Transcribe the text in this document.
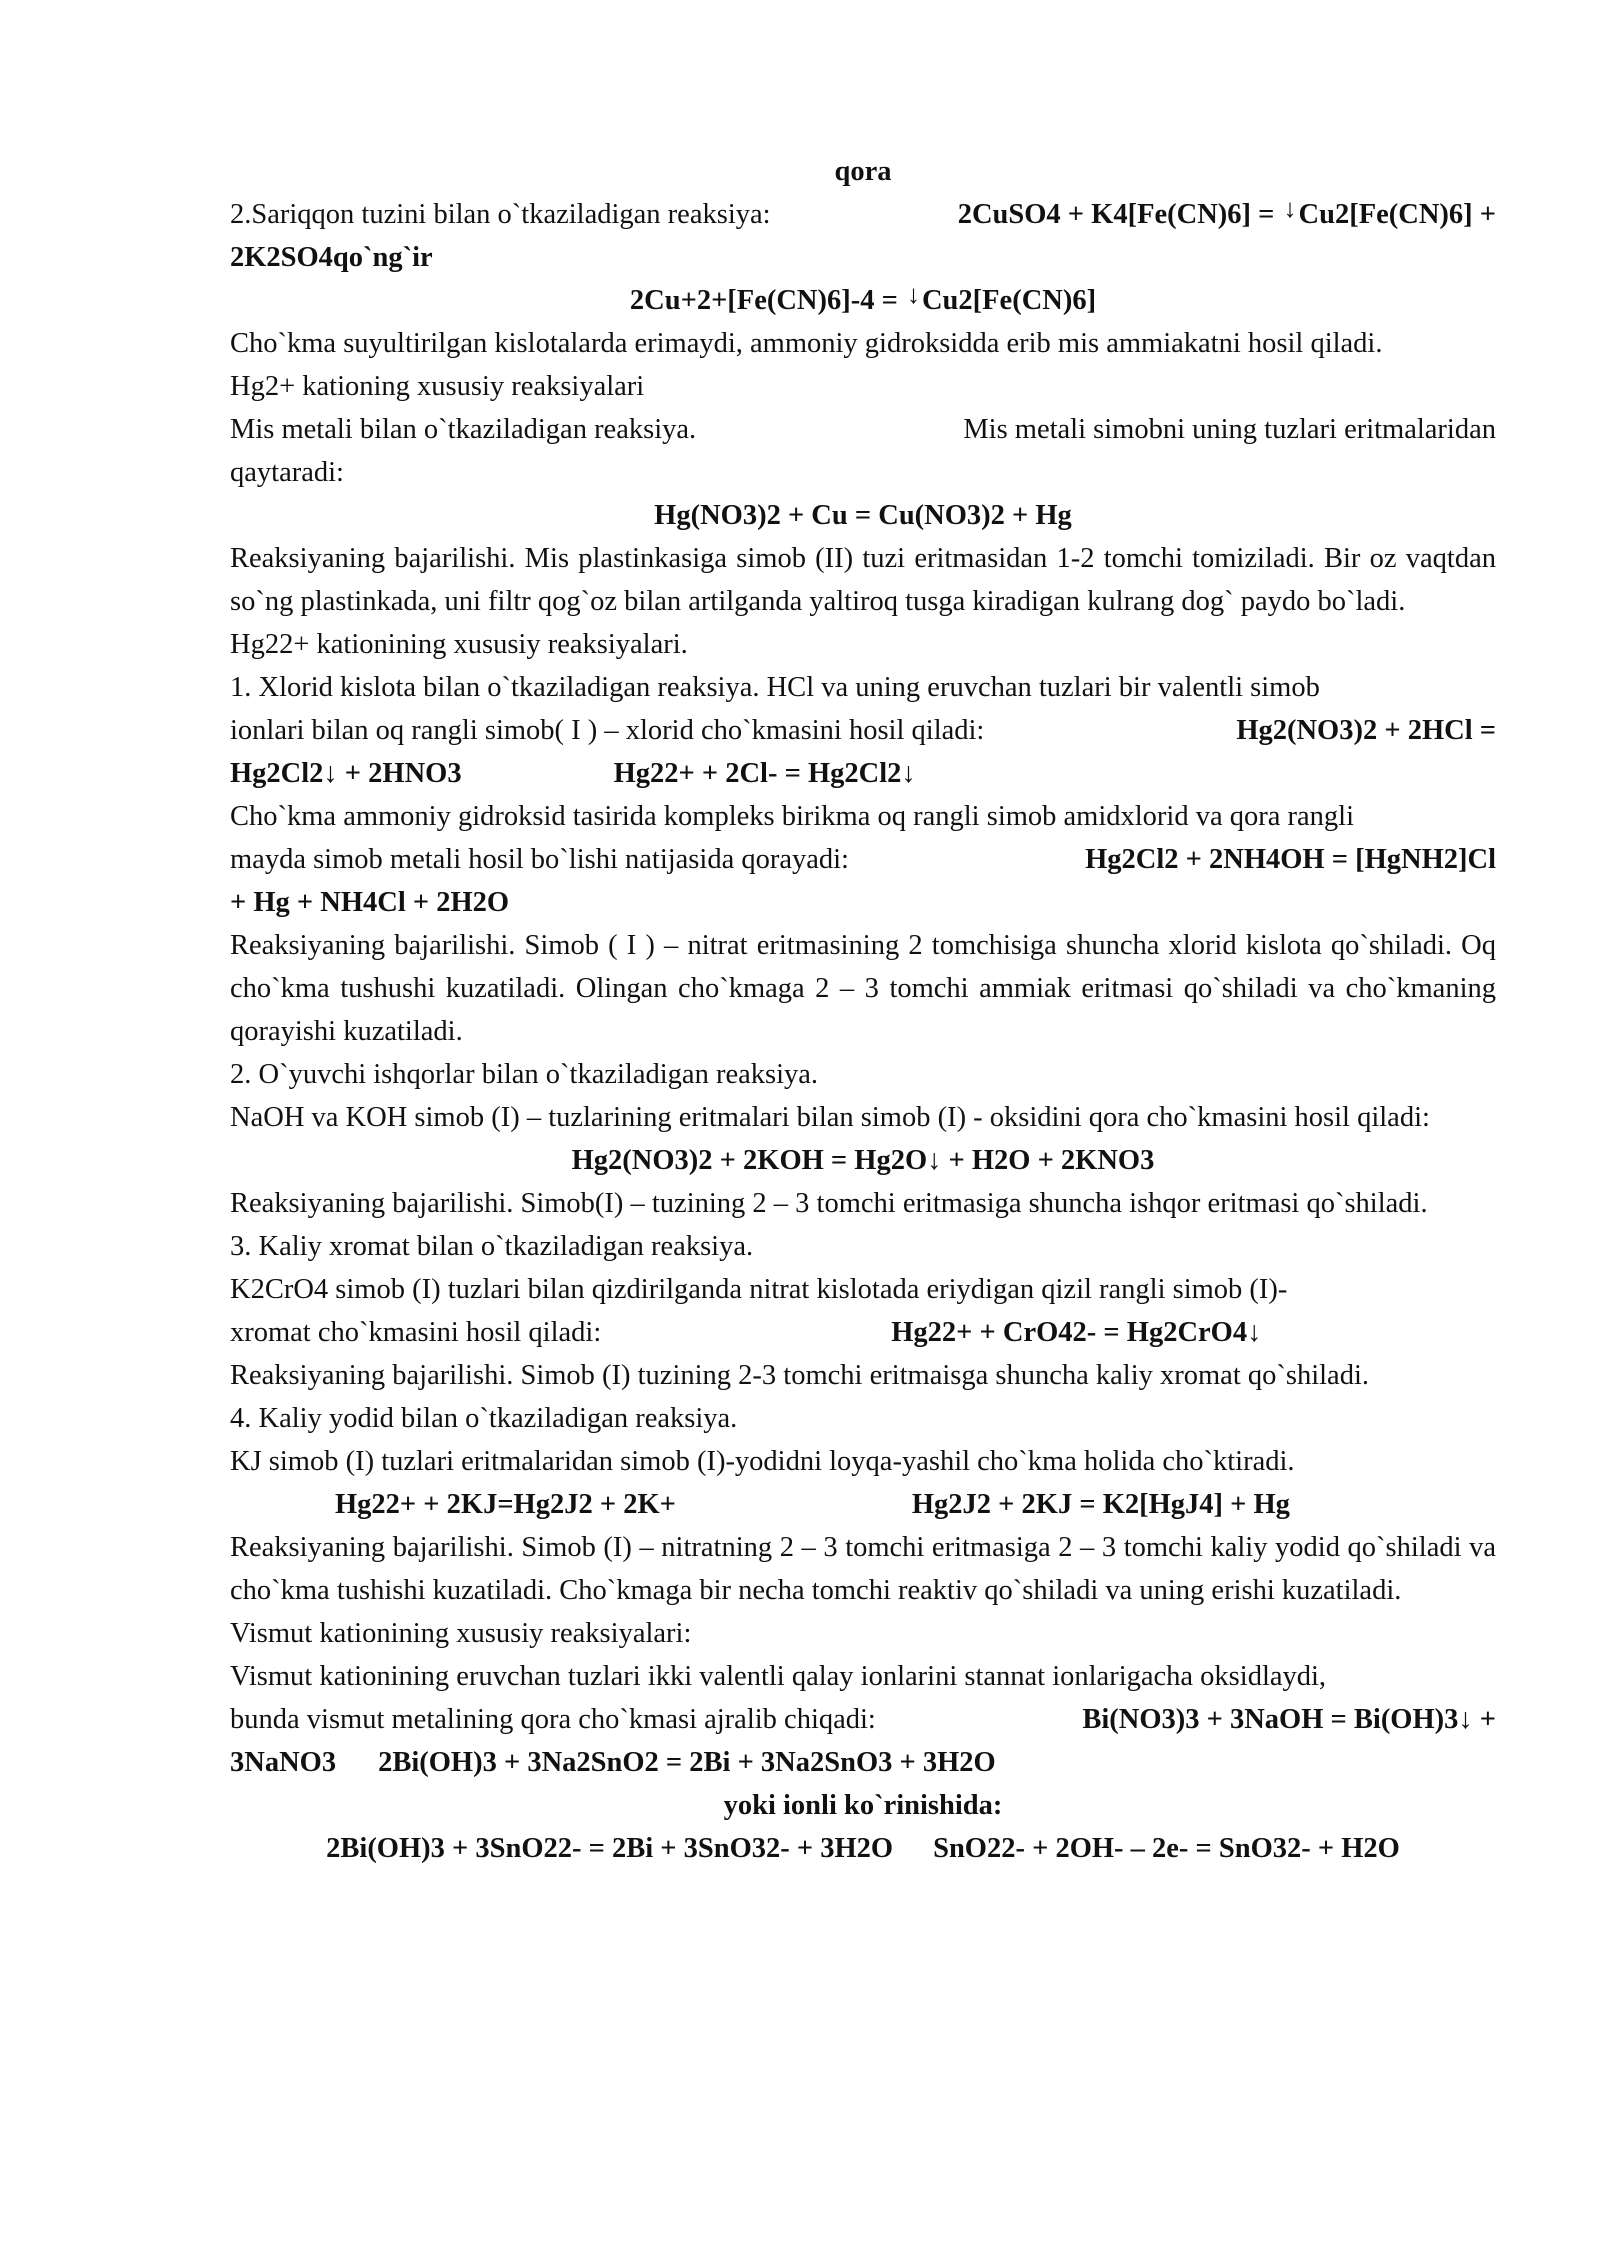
qora
2.Sariqqon tuzini bilan o`tkaziladigan reaksiya:	2CuSO4 + K4[Fe(CN)6] = ↓Cu2[Fe(CN)6] +
2K2SO4qo`ng`ir
2Cu+2+[Fe(CN)6]-4 = ↓Cu2[Fe(CN)6]
Cho`kma suyultirilgan kislotalarda erimaydi, ammoniy gidroksidda erib mis ammiakatni hosil qiladi.
Hg2+ kationing xususiy reaksiyalari
Mis metali bilan o`tkaziladigan reaksiya.	Mis metali simobni uning tuzlari eritmalaridan
qaytaradi:
Hg(NO3)2 + Cu = Cu(NO3)2 + Hg
Reaksiyaning bajarilishi. Mis plastinkasiga simob (II) tuzi eritmasidan 1-2 tomchi tomiziladi. Bir oz vaqtdan so`ng plastinkada, uni filtr qog`oz bilan artilganda yaltiroq tusga kiradigan kulrang dog` paydo bo`ladi.
Hg22+ kationining xususiy reaksiyalari.
1. Xlorid kislota bilan o`tkaziladigan reaksiya. HCl va uning eruvchan tuzlari bir valentli simob
ionlari bilan oq rangli simob( I ) – xlorid cho`kmasini hosil qiladi:	Hg2(NO3)2 + 2HCl =
Hg2Cl2↓ + 2HNO3	Hg22+ + 2Cl- = Hg2Cl2↓
Cho`kma ammoniy gidroksid tasirida kompleks birikma oq rangli simob amidxlorid va qora rangli
mayda simob metali hosil bo`lishi natijasida qorayadi:	Hg2Cl2 + 2NH4OH = [HgNH2]Cl
+ Hg + NH4Cl + 2H2O
Reaksiyaning bajarilishi. Simob ( I ) – nitrat eritmasining 2 tomchisiga shuncha xlorid kislota qo`shiladi. Oq cho`kma tushushi kuzatiladi. Olingan cho`kmaga 2 – 3 tomchi ammiak eritmasi qo`shiladi va cho`kmaning qorayishi kuzatiladi.
2. O`yuvchi ishqorlar bilan o`tkaziladigan reaksiya.
NaOH va KOH simob (I) – tuzlarining eritmalari bilan simob (I) - oksidini qora cho`kmasini hosil qiladi:
Hg2(NO3)2 + 2KOH = Hg2O↓ + H2O + 2KNO3
Reaksiyaning bajarilishi. Simob(I) – tuzining 2 – 3 tomchi eritmasiga shuncha ishqor eritmasi qo`shiladi.
3. Kaliy xromat bilan o`tkaziladigan reaksiya.
K2CrO4 simob (I) tuzlari bilan qizdirilganda nitrat kislotada eriydigan qizil rangli simob (I)-
xromat cho`kmasini hosil qiladi:	Hg22+ + CrO42- = Hg2CrO4↓
Reaksiyaning bajarilishi. Simob (I) tuzining 2-3 tomchi eritmaisga shuncha kaliy xromat qo`shiladi.
4. Kaliy yodid bilan o`tkaziladigan reaksiya.
KJ simob (I) tuzlari eritmalaridan simob (I)-yodidni loyqa-yashil cho`kma holida cho`ktiradi.
Hg22+ + 2KJ=Hg2J2 + 2K+	Hg2J2 + 2KJ = K2[HgJ4] + Hg
Reaksiyaning bajarilishi. Simob (I) – nitratning 2 – 3 tomchi eritmasiga 2 – 3 tomchi kaliy yodid qo`shiladi va cho`kma tushishi kuzatiladi. Cho`kmaga bir necha tomchi reaktiv qo`shiladi va uning erishi kuzatiladi.
Vismut kationining xususiy reaksiyalari:
Vismut kationining eruvchan tuzlari ikki valentli qalay ionlarini stannat ionlarigacha oksidlaydi,
bunda vismut metalining qora cho`kmasi ajralib chiqadi:	Bi(NO3)3 + 3NaOH = Bi(OH)3↓ +
3NaNO3 2Bi(OH)3 + 3Na2SnO2 = 2Bi + 3Na2SnO3 + 3H2O
yoki ionli ko`rinishida:
2Bi(OH)3 + 3SnO22- = 2Bi + 3SnO32- + 3H2O SnO22- + 2OH- – 2e- = SnO32- + H2O
